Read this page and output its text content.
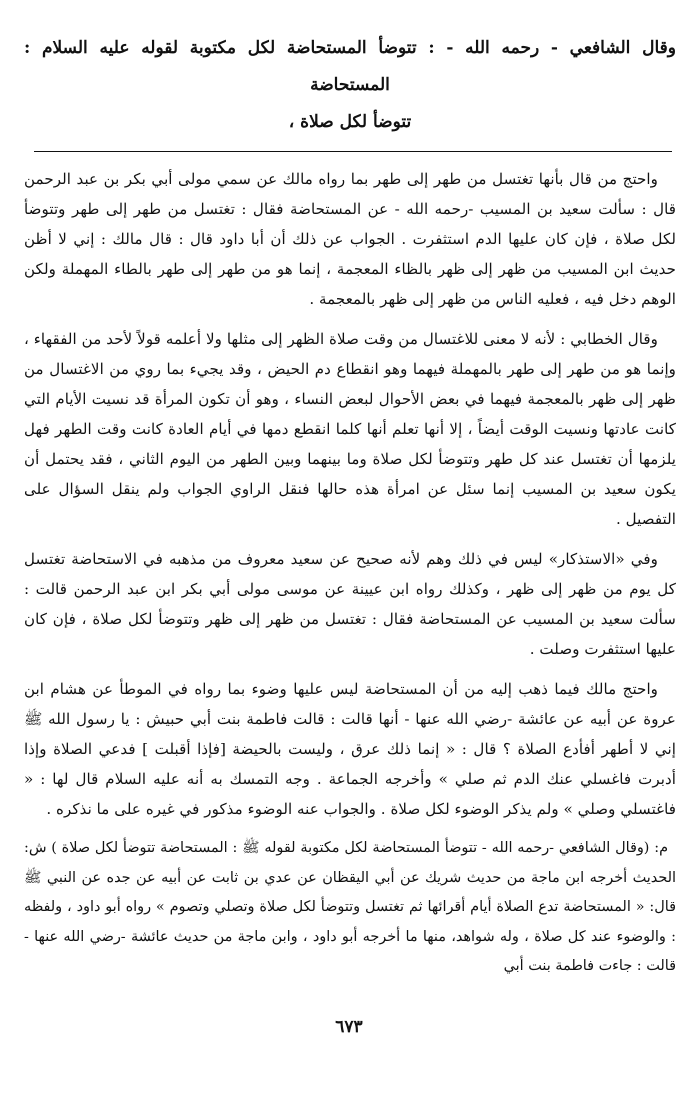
وقال الشافعي - رحمه الله - : تتوضأ المستحاضة لكل مكتوبة لقوله عليه السلام : المستحاضة
تتوضأ لكل صلاة ،

واحتج من قال بأنها تغتسل من طهر إلى طهر بما رواه مالك عن سمي مولى أبي بكر بن عبد الرحمن قال : سألت سعيد بن المسيب -رحمه الله - عن المستحاضة فقال : تغتسل من طهر إلى طهر وتتوضأ لكل صلاة ، فإن كان عليها الدم استثفرت . الجواب عن ذلك أن أبا داود قال : قال مالك : إني لا أظن حديث ابن المسيب من ظهر إلى ظهر بالظاء المعجمة ، إنما هو من طهر إلى طهر بالطاء المهملة ولكن الوهم دخل فيه ، فعليه الناس من ظهر إلى ظهر بالمعجمة .

وقال الخطابي : لأنه لا معنى للاغتسال من وقت صلاة الظهر إلى مثلها ولا أعلمه قولاً لأحد من الفقهاء ، وإنما هو من طهر إلى طهر بالمهملة فيهما وهو انقطاع دم الحيض ، وقد يجيء بما روي من الاغتسال من ظهر إلى ظهر بالمعجمة فيهما في بعض الأحوال لبعض النساء ، وهو أن تكون المرأة قد نسيت الأيام التي كانت عادتها ونسيت الوقت أيضاً ، إلا أنها تعلم أنها كلما انقطع دمها في أيام العادة كانت وقت الطهر فهل يلزمها أن تغتسل عند كل طهر وتتوضأ لكل صلاة وما بينهما وبين الطهر من اليوم الثاني ، فقد يحتمل أن يكون سعيد بن المسيب إنما سئل عن امرأة هذه حالها فنقل الراوي الجواب ولم ينقل السؤال على التفصيل .

وفي «الاستذكار» ليس في ذلك وهم لأنه صحيح عن سعيد معروف من مذهبه في الاستحاضة تغتسل كل يوم من ظهر إلى ظهر ، وكذلك رواه ابن عيينة عن موسى مولى أبي بكر ابن عبد الرحمن قالت : سألت سعيد بن المسيب عن المستحاضة فقال : تغتسل من ظهر إلى ظهر وتتوضأ لكل صلاة ، فإن كان عليها استثفرت وصلت .

واحتج مالك فيما ذهب إليه من أن المستحاضة ليس عليها وضوء بما رواه في الموطأ عن هشام ابن عروة عن أبيه عن عائشة -رضي الله عنها - أنها قالت : قالت فاطمة بنت أبي حبيش : يا رسول الله ﷺ إني لا أطهر أفأدع الصلاة ؟ قال : « إنما ذلك عرق ، وليست بالحيضة [فإذا أقبلت ] فدعي الصلاة وإذا أدبرت فاغسلي عنك الدم ثم صلي » وأخرجه الجماعة . وجه التمسك به أنه عليه السلام قال لها : « فاغتسلي وصلي » ولم يذكر الوضوء لكل صلاة . والجواب عنه الوضوء مذكور في غيره على ما نذكره .

م: (وقال الشافعي -رحمه الله - تتوضأ المستحاضة لكل مكتوبة لقوله ﷺ : المستحاضة تتوضأ لكل صلاة ) ش: الحديث أخرجه ابن ماجة من حديث شريك عن أبي اليقظان عن عدي بن ثابت عن أبيه عن جده عن النبي ﷺ قال: « المستحاضة تدع الصلاة أيام أقرائها ثم تغتسل وتتوضأ لكل صلاة وتصلي وتصوم » رواه أبو داود ، ولفظه : والوضوء عند كل صلاة ، وله شواهد، منها ما أخرجه أبو داود ، وابن ماجة من حديث عائشة -رضي الله عنها - قالت : جاءت فاطمة بنت أبي

٦٧٣
